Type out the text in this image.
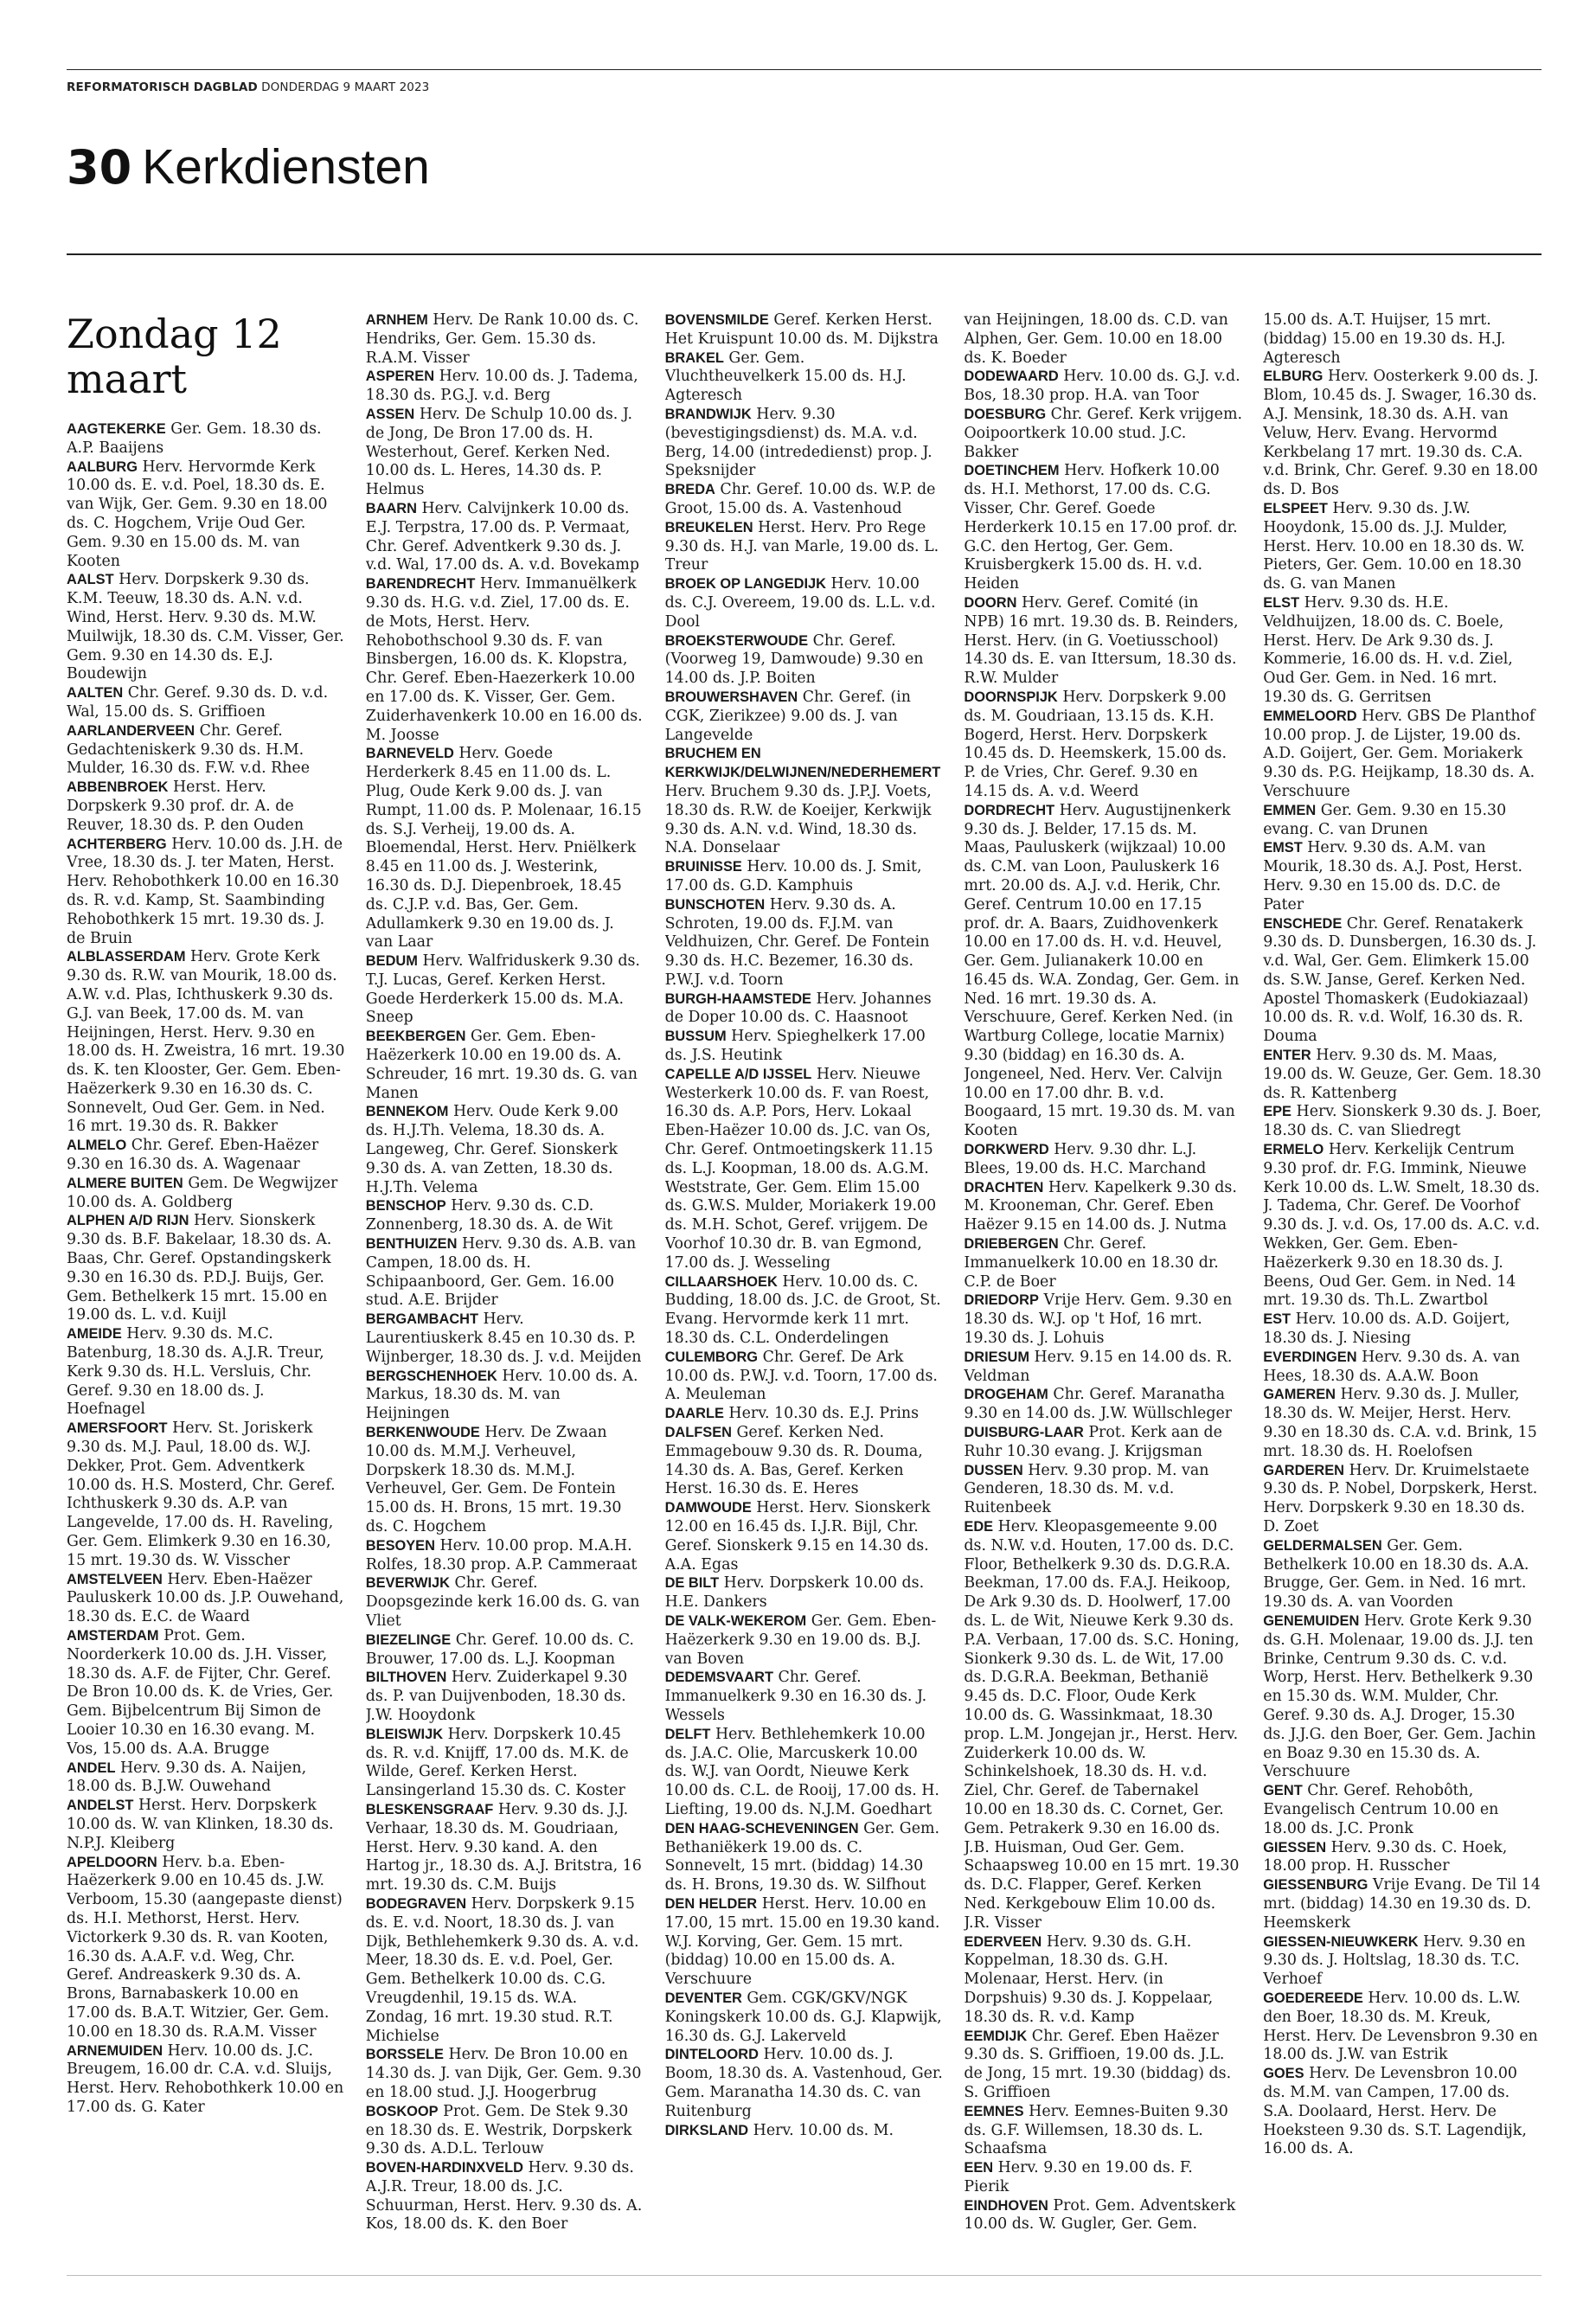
REFORMATORISCH DAGBLAD DONDERDAG 9 MAART 2023
30 Kerkdiensten
Zondag 12 maart

AAGTEKERKE Ger. Gem. 18.30 ds. A.P. Baaijens

AALBURG Herv. Hervormde Kerk 10.00 ds. E. v.d. Poel, 18.30 ds. E. van Wijk, Ger. Gem. 9.30 en 18.00 ds. C. Hogchem, Vrije Oud Ger. Gem. 9.30 en 15.00 ds. M. van Kooten

AALST Herv. Dorpskerk 9.30 ds. K.M. Teeuw, 18.30 ds. A.N. v.d. Wind, Herst. Herv. 9.30 ds. M.W. Muilwijk, 18.30 ds. C.M. Visser, Ger. Gem. 9.30 en 14.30 ds. E.J. Boudewijn

AALTEN Chr. Geref. 9.30 ds. D. v.d. Wal, 15.00 ds. S. Griffioen

AARLANDERVEEN Chr. Geref. Gedachteniskerk 9.30 ds. H.M. Mulder, 16.30 ds. F.W. v.d. Rhee

ABBENBROEK Herst. Herv. Dorpskerk 9.30 prof. dr. A. de Reuver, 18.30 ds. P. den Ouden

ACHTERBERG Herv. 10.00 ds. J.H. de Vree, 18.30 ds. J. ter Maten, Herst. Herv. Rehobothkerk 10.00 en 16.30 ds. R. v.d. Kamp, St. Saambinding Rehobothkerk 15 mrt. 19.30 ds. J. de Bruin

ALBLASSERDAM Herv. Grote Kerk 9.30 ds. R.W. van Mourik, 18.00 ds. A.W. v.d. Plas, Ichthuskerk 9.30 ds. G.J. van Beek, 17.00 ds. M. van Heijningen, Herst. Herv. 9.30 en 18.00 ds. H. Zweistra, 16 mrt. 19.30 ds. K. ten Klooster, Ger. Gem. Eben-Haëzerkerk 9.30 en 16.30 ds. C. Sonnevelt, Oud Ger. Gem. in Ned. 16 mrt. 19.30 ds. R. Bakker

ALMELO Chr. Geref. Eben-Haëzer 9.30 en 16.30 ds. A. Wagenaar

ALMERE BUITEN Gem. De Wegwijzer 10.00 ds. A. Goldberg

ALPHEN A/D RIJN Herv. Sionskerk 9.30 ds. B.F. Bakelaar, 18.30 ds. A. Baas, Chr. Geref. Opstandingskerk 9.30 en 16.30 ds. P.D.J. Buijs, Ger. Gem. Bethelkerk 15 mrt. 15.00 en 19.00 ds. L. v.d. Kuijl

AMEIDE Herv. 9.30 ds. M.C. Batenburg, 18.30 ds. A.J.R. Treur, Kerk 9.30 ds. H.L. Versluis, Chr. Geref. 9.30 en 18.00 ds. J. Hoefnagel

AMERSFOORT Herv. St. Joriskerk 9.30 ds. M.J. Paul, 18.00 ds. W.J. Dekker, Prot. Gem. Adventkerk 10.00 ds. H.S. Mosterd, Chr. Geref. Ichthuskerk 9.30 ds. A.P. van Langevelde, 17.00 ds. H. Raveling, Ger. Gem. Elimkerk 9.30 en 16.30, 15 mrt. 19.30 ds. W. Visscher

AMSTELVEEN Herv. Eben-Haëzer Pauluskerk 10.00 ds. J.P. Ouwehand, 18.30 ds. E.C. de Waard

AMSTERDAM Prot. Gem. Noorderkerk 10.00 ds. J.H. Visser, 18.30 ds. A.F. de Fijter, Chr. Geref. De Bron 10.00 ds. K. de Vries, Ger. Gem. Bijbelcentrum Bij Simon de Looier 10.30 en 16.30 evang. M. Vos, 15.00 ds. A.A. Brugge

ANDEL Herv. 9.30 ds. A. Naijen, 18.00 ds. B.J.W. Ouwehand

ANDELST Herst. Herv. Dorpskerk 10.00 ds. W. van Klinken, 18.30 ds. N.P.J. Kleiberg

APELDOORN Herv. b.a. Eben-Haëzerkerk 9.00 en 10.45 ds. J.W. Verboom, 15.30 (aangepaste dienst) ds. H.I. Methorst, Herst. Herv. Victorkerk 9.30 ds. R. van Kooten, 16.30 ds. A.A.F. v.d. Weg, Chr. Geref. Andreaskerk 9.30 ds. A. Brons, Barnabaskerk 10.00 en 17.00 ds. B.A.T. Witzier, Ger. Gem. 10.00 en 18.30 ds. R.A.M. Visser

ARNEMUIDEN Herv. 10.00 ds. J.C. Breugem, 16.00 dr. C.A. v.d. Sluijs, Herst. Herv. Rehobothkerk 10.00 en 17.00 ds. G. Kater

ARNHEM Herv. De Rank 10.00 ds. C. Hendriks, Ger. Gem. 15.30 ds. R.A.M. Visser

ASPEREN Herv. 10.00 ds. J. Tadema, 18.30 ds. P.G.J. v.d. Berg

ASSEN Herv. De Schulp 10.00 ds. J. de Jong, De Bron 17.00 ds. H. Westerhout, Geref. Kerken Ned. 10.00 ds. L. Heres, 14.30 ds. P. Helmus

BAARN Herv. Calvijnkerk 10.00 ds. E.J. Terpstra, 17.00 ds. P. Vermaat, Chr. Geref. Adventkerk 9.30 ds. J. v.d. Wal, 17.00 ds. A. v.d. Bovekamp

BARENDRECHT Herv. Immanuëlkerk 9.30 ds. H.G. v.d. Ziel, 17.00 ds. E. de Mots, Herst. Herv. Rehobothschool 9.30 ds. F. van Binsbergen, 16.00 ds. K. Klopstra, Chr. Geref. Eben-Haezerkerk 10.00 en 17.00 ds. K. Visser, Ger. Gem. Zuiderhavenkerk 10.00 en 16.00 ds. M. Joosse

BARNEVELD Herv. Goede Herderkerk 8.45 en 11.00 ds. L. Plug, Oude Kerk 9.00 ds. J. van Rumpt, 11.00 ds. P. Molenaar, 16.15 ds. S.J. Verheij, 19.00 ds. A. Bloemendal, Herst. Herv. Pniëlkerk 8.45 en 11.00 ds. J. Westerink, 16.30 ds. D.J. Diepenbroek, 18.45 ds. C.J.P. v.d. Bas, Ger. Gem. Adullamkerk 9.30 en 19.00 ds. J. van Laar

BEDUM Herv. Walfriduskerk 9.30 ds. T.J. Lucas, Geref. Kerken Herst. Goede Herderkerk 15.00 ds. M.A. Sneep

BEEKBERGEN Ger. Gem. Eben-Haëzerkerk 10.00 en 19.00 ds. A. Schreuder, 16 mrt. 19.30 ds. G. van Manen

BENNEKOM Herv. Oude Kerk 9.00 ds. H.J.Th. Velema, 18.30 ds. A. Langeweg, Chr. Geref. Sionskerk 9.30 ds. A. van Zetten, 18.30 ds. H.J.Th. Velema

BENSCHOP Herv. 9.30 ds. C.D. Zonnenberg, 18.30 ds. A. de Wit

BENTHUIZEN Herv. 9.30 ds. A.B. van Campen, 18.00 ds. H. Schipaanboord, Ger. Gem. 16.00 stud. A.E. Brijder

BERGAMBACHT Herv. Laurentiuskerk 8.45 en 10.30 ds. P. Wijnberger, 18.30 ds. J. v.d. Meijden

BERGSCHENHOEK Herv. 10.00 ds. A. Markus, 18.30 ds. M. van Heijningen

BERKENWOUDE Herv. De Zwaan 10.00 ds. M.M.J. Verheuvel, Dorpskerk 18.30 ds. M.M.J. Verheuvel, Ger. Gem. De Fontein 15.00 ds. H. Brons, 15 mrt. 19.30 ds. C. Hogchem

BESOYEN Herv. 10.00 prop. M.A.H. Rolfes, 18.30 prop. A.P. Cammeraat

BEVERWIJK Chr. Geref. Doopsgezinde kerk 16.00 ds. G. van Vliet

BIEZELINGE Chr. Geref. 10.00 ds. C. Brouwer, 17.00 ds. L.J. Koopman

BILTHOVEN Herv. Zuiderkapel 9.30 ds. P. van Duijvenboden, 18.30 ds. J.W. Hooydonk

BLEISWIJK Herv. Dorpskerk 10.45 ds. R. v.d. Knijff, 17.00 ds. M.K. de Wilde, Geref. Kerken Herst. Lansingerland 15.30 ds. C. Koster

BLESKENSGRAAF Herv. 9.30 ds. J.J. Verhaar, 18.30 ds. M. Goudriaan, Herst. Herv. 9.30 kand. A. den Hartog jr., 18.30 ds. A.J. Britstra, 16 mrt. 19.30 ds. C.M. Buijs

BODEGRAVEN Herv. Dorpskerk 9.15 ds. E. v.d. Noort, 18.30 ds. J. van Dijk, Bethlehemkerk 9.30 ds. A. v.d. Meer, 18.30 ds. E. v.d. Poel, Ger. Gem. Bethelkerk 10.00 ds. C.G. Vreugdenhil, 19.15 ds. W.A. Zondag, 16 mrt. 19.30 stud. R.T. Michielse

BORSSELE Herv. De Bron 10.00 en 14.30 ds. J. van Dijk, Ger. Gem. 9.30 en 18.00 stud. J.J. Hoogerbrug

BOSKOOP Prot. Gem. De Stek 9.30 en 18.30 ds. E. Westrik, Dorpskerk 9.30 ds. A.D.L. Terlouw

BOVEN-HARDINXVELD Herv. 9.30 ds. A.J.R. Treur, 18.00 ds. J.C. Schuurman, Herst. Herv. 9.30 ds. A. Kos, 18.00 ds. K. den Boer

BOVENSMILDE Geref. Kerken Herst. Het Kruispunt 10.00 ds. M. Dijkstra

BRAKEL Ger. Gem. Vluchtheuvelkerk 15.00 ds. H.J. Agteresch

BRANDWIJK Herv. 9.30 (bevestigingsdienst) ds. M.A. v.d. Berg, 14.00 (intrededienst) prop. J. Speksnijder

BREDA Chr. Geref. 10.00 ds. W.P. de Groot, 15.00 ds. A. Vastenhoud

BREUKELEN Herst. Herv. Pro Rege 9.30 ds. H.J. van Marle, 19.00 ds. L. Treur

BROEK OP LANGEDIJK Herv. 10.00 ds. C.J. Overeem, 19.00 ds. L.L. v.d. Dool

BROEKSTERWOUDE Chr. Geref. (Voorweg 19, Damwoude) 9.30 en 14.00 ds. J.P. Boiten

BROUWERSHAVEN Chr. Geref. (in CGK, Zierikzee) 9.00 ds. J. van Langevelde

BRUCHEM EN KERKWIJK/DELWIJNEN/NEDERHEMERT Herv. Bruchem 9.30 ds. J.P.J. Voets, 18.30 ds. R.W. de Koeijer, Kerkwijk 9.30 ds. A.N. v.d. Wind, 18.30 ds. N.A. Donselaar

BRUINISSE Herv. 10.00 ds. J. Smit, 17.00 ds. G.D. Kamphuis

BUNSCHOTEN Herv. 9.30 ds. A. Schroten, 19.00 ds. F.J.M. van Veldhuizen, Chr. Geref. De Fontein 9.30 ds. H.C. Bezemer, 16.30 ds. P.W.J. v.d. Toorn

BURGH-HAAMSTEDE Herv. Johannes de Doper 10.00 ds. C. Haasnoot

BUSSUM Herv. Spieghelkerk 17.00 ds. J.S. Heutink

CAPELLE A/D IJSSEL Herv. Nieuwe Westerkerk 10.00 ds. F. van Roest, 16.30 ds. A.P. Pors, Herv. Lokaal Eben-Haëzer 10.00 ds. J.C. van Os, Chr. Geref. Ontmoetingskerk 11.15 ds. L.J. Koopman, 18.00 ds. A.G.M. Weststrate, Ger. Gem. Elim 15.00 ds. G.W.S. Mulder, Moriakerk 19.00 ds. M.H. Schot, Geref. vrijgem. De Voorhof 10.30 dr. B. van Egmond, 17.00 ds. J. Wesseling

CILLAARSHOEK Herv. 10.00 ds. C. Budding, 18.00 ds. J.C. de Groot, St. Evang. Hervormde kerk 11 mrt. 18.30 ds. C.L. Onderdelingen

CULEMBORG Chr. Geref. De Ark 10.00 ds. P.W.J. v.d. Toorn, 17.00 ds. A. Meuleman

DAARLE Herv. 10.30 ds. E.J. Prins

DALFSEN Geref. Kerken Ned. Emmagebouw 9.30 ds. R. Douma, 14.30 ds. A. Bas, Geref. Kerken Herst. 16.30 ds. E. Heres

DAMWOUDE Herst. Herv. Sionskerk 12.00 en 16.45 ds. I.J.R. Bijl, Chr. Geref. Sionskerk 9.15 en 14.30 ds. A.A. Egas

DE BILT Herv. Dorpskerk 10.00 ds. H.E. Dankers

DE VALK-WEKEROM Ger. Gem. Eben-Haëzerkerk 9.30 en 19.00 ds. B.J. van Boven

DEDEMSVAART Chr. Geref. Immanuelkerk 9.30 en 16.30 ds. J. Wessels

DELFT Herv. Bethlehemkerk 10.00 ds. J.A.C. Olie, Marcuskerk 10.00 ds. W.J. van Oordt, Nieuwe Kerk 10.00 ds. C.L. de Rooij, 17.00 ds. H. Liefting, 19.00 ds. N.J.M. Goedhart

DEN HAAG-SCHEVENINGEN Ger. Gem. Bethaniëkerk 19.00 ds. C. Sonnevelt, 15 mrt. (biddag) 14.30 ds. H. Brons, 19.30 ds. W. Silfhout

DEN HELDER Herst. Herv. 10.00 en 17.00, 15 mrt. 15.00 en 19.30 kand. W.J. Korving, Ger. Gem. 15 mrt. (biddag) 10.00 en 15.00 ds. A. Verschuure

DEVENTER Gem. CGK/GKV/NGK Koningskerk 10.00 ds. G.J. Klapwijk, 16.30 ds. G.J. Lakerveld

DINTELOORD Herv. 10.00 ds. J. Boom, 18.30 ds. A. Vastenhoud, Ger. Gem. Maranatha 14.30 ds. C. van Ruitenburg

DIRKSLAND Herv. 10.00 ds. M.

van Heijningen, 18.00 ds. C.D. van Alphen, Ger. Gem. 10.00 en 18.00 ds. K. Boeder

DODEWAARD Herv. 10.00 ds. G.J. v.d. Bos, 18.30 prop. H.A. van Toor

DOESBURG Chr. Geref. Kerk vrijgem. Ooipoortkerk 10.00 stud. J.C. Bakker

DOETINCHEM Herv. Hofkerk 10.00 ds. H.I. Methorst, 17.00 ds. C.G. Visser, Chr. Geref. Goede Herderkerk 10.15 en 17.00 prof. dr. G.C. den Hertog, Ger. Gem. Kruisbergkerk 15.00 ds. H. v.d. Heiden

DOORN Herv. Geref. Comité (in NPB) 16 mrt. 19.30 ds. B. Reinders, Herst. Herv. (in G. Voetiusschool) 14.30 ds. E. van Ittersum, 18.30 ds. R.W. Mulder

DOORNSPIJK Herv. Dorpskerk 9.00 ds. M. Goudriaan, 13.15 ds. K.H. Bogerd, Herst. Herv. Dorpskerk 10.45 ds. D. Heemskerk, 15.00 ds. P. de Vries, Chr. Geref. 9.30 en 14.15 ds. A. v.d. Weerd

DORDRECHT Herv. Augustijnenkerk 9.30 ds. J. Belder, 17.15 ds. M. Maas, Pauluskerk (wijkzaal) 10.00 ds. C.M. van Loon, Pauluskerk 16 mrt. 20.00 ds. A.J. v.d. Herik, Chr. Geref. Centrum 10.00 en 17.15 prof. dr. A. Baars, Zuidhovenkerk 10.00 en 17.00 ds. H. v.d. Heuvel, Ger. Gem. Julianakerk 10.00 en 16.45 ds. W.A. Zondag, Ger. Gem. in Ned. 16 mrt. 19.30 ds. A. Verschuure, Geref. Kerken Ned. (in Wartburg College, locatie Marnix) 9.30 (biddag) en 16.30 ds. A. Jongeneel, Ned. Herv. Ver. Calvijn 10.00 en 17.00 dhr. B. v.d. Boogaard, 15 mrt. 19.30 ds. M. van Kooten

DORKWERD Herv. 9.30 dhr. L.J. Blees, 19.00 ds. H.C. Marchand

DRACHTEN Herv. Kapelkerk 9.30 ds. M. Krooneman, Chr. Geref. Eben Haëzer 9.15 en 14.00 ds. J. Nutma

DRIEBERGEN Chr. Geref. Immanuelkerk 10.00 en 18.30 dr. C.P. de Boer

DRIEDORP Vrije Herv. Gem. 9.30 en 18.30 ds. W.J. op 't Hof, 16 mrt. 19.30 ds. J. Lohuis

DRIESUM Herv. 9.15 en 14.00 ds. R. Veldman

DROGEHAM Chr. Geref. Maranatha 9.30 en 14.00 ds. J.W. Wüllschleger

DUISBURG-LAAR Prot. Kerk aan de Ruhr 10.30 evang. J. Krijgsman

DUSSEN Herv. 9.30 prop. M. van Genderen, 18.30 ds. M. v.d. Ruitenbeek

EDE Herv. Kleopasgemeente 9.00 ds. N.W. v.d. Houten, 17.00 ds. D.C. Floor, Bethelkerk 9.30 ds. D.G.R.A. Beekman, 17.00 ds. F.A.J. Heikoop, De Ark 9.30 ds. D. Hoolwerf, 17.00 ds. L. de Wit, Nieuwe Kerk 9.30 ds. P.A. Verbaan, 17.00 ds. S.C. Honing, Sionkerk 9.30 ds. L. de Wit, 17.00 ds. D.G.R.A. Beekman, Bethanië 9.45 ds. D.C. Floor, Oude Kerk 10.00 ds. G. Wassinkmaat, 18.30 prop. L.M. Jongejan jr., Herst. Herv. Zuiderkerk 10.00 ds. W. Schinkelshoek, 18.30 ds. H. v.d. Ziel, Chr. Geref. de Tabernakel 10.00 en 18.30 ds. C. Cornet, Ger. Gem. Petrakerk 9.30 en 16.00 ds. J.B. Huisman, Oud Ger. Gem. Schaapsweg 10.00 en 15 mrt. 19.30 ds. D.C. Flapper, Geref. Kerken Ned. Kerkgebouw Elim 10.00 ds. J.R. Visser

EDERVEEN Herv. 9.30 ds. G.H. Koppelman, 18.30 ds. G.H. Molenaar, Herst. Herv. (in Dorpshuis) 9.30 ds. J. Koppelaar, 18.30 ds. R. v.d. Kamp

EEMDIJK Chr. Geref. Eben Haëzer 9.30 ds. S. Griffioen, 19.00 ds. J.L. de Jong, 15 mrt. 19.30 (biddag) ds. S. Griffioen

EEMNES Herv. Eemnes-Buiten 9.30 ds. G.F. Willemsen, 18.30 ds. L. Schaafsma

EEN Herv. 9.30 en 19.00 ds. F. Pierik

EINDHOVEN Prot. Gem. Adventskerk 10.00 ds. W. Gugler, Ger. Gem.

15.00 ds. A.T. Huijser, 15 mrt. (biddag) 15.00 en 19.30 ds. H.J. Agteresch

ELBURG Herv. Oosterkerk 9.00 ds. J. Blom, 10.45 ds. J. Swager, 16.30 ds. A.J. Mensink, 18.30 ds. A.H. van Veluw, Herv. Evang. Hervormd Kerkbelang 17 mrt. 19.30 ds. C.A. v.d. Brink, Chr. Geref. 9.30 en 18.00 ds. D. Bos

ELSPEET Herv. 9.30 ds. J.W. Hooydonk, 15.00 ds. J.J. Mulder, Herst. Herv. 10.00 en 18.30 ds. W. Pieters, Ger. Gem. 10.00 en 18.30 ds. G. van Manen

ELST Herv. 9.30 ds. H.E. Veldhuijzen, 18.00 ds. C. Boele, Herst. Herv. De Ark 9.30 ds. J. Kommerie, 16.00 ds. H. v.d. Ziel, Oud Ger. Gem. in Ned. 16 mrt. 19.30 ds. G. Gerritsen

EMMELOORD Herv. GBS De Planthof 10.00 prop. J. de Lijster, 19.00 ds. A.D. Goijert, Ger. Gem. Moriakerk 9.30 ds. P.G. Heijkamp, 18.30 ds. A. Verschuure

EMMEN Ger. Gem. 9.30 en 15.30 evang. C. van Drunen

EMST Herv. 9.30 ds. A.M. van Mourik, 18.30 ds. A.J. Post, Herst. Herv. 9.30 en 15.00 ds. D.C. de Pater

ENSCHEDE Chr. Geref. Renatakerk 9.30 ds. D. Dunsbergen, 16.30 ds. J. v.d. Wal, Ger. Gem. Elimkerk 15.00 ds. S.W. Janse, Geref. Kerken Ned. Apostel Thomaskerk (Eudokiazaal) 10.00 ds. R. v.d. Wolf, 16.30 ds. R. Douma

ENTER Herv. 9.30 ds. M. Maas, 19.00 ds. W. Geuze, Ger. Gem. 18.30 ds. R. Kattenberg

EPE Herv. Sionskerk 9.30 ds. J. Boer, 18.30 ds. C. van Sliedregt

ERMELO Herv. Kerkelijk Centrum 9.30 prof. dr. F.G. Immink, Nieuwe Kerk 10.00 ds. L.W. Smelt, 18.30 ds. J. Tadema, Chr. Geref. De Voorhof 9.30 ds. J. v.d. Os, 17.00 ds. A.C. v.d. Wekken, Ger. Gem. Eben-Haëzerkerk 9.30 en 18.30 ds. J. Beens, Oud Ger. Gem. in Ned. 14 mrt. 19.30 ds. Th.L. Zwartbol

EST Herv. 10.00 ds. A.D. Goijert, 18.30 ds. J. Niesing

EVERDINGEN Herv. 9.30 ds. A. van Hees, 18.30 ds. A.A.W. Boon

GAMEREN Herv. 9.30 ds. J. Muller, 18.30 ds. W. Meijer, Herst. Herv. 9.30 en 18.30 ds. C.A. v.d. Brink, 15 mrt. 18.30 ds. H. Roelofsen

GARDEREN Herv. Dr. Kruimelstaete 9.30 ds. P. Nobel, Dorpskerk, Herst. Herv. Dorpskerk 9.30 en 18.30 ds. D. Zoet

GELDERMALSEN Ger. Gem. Bethelkerk 10.00 en 18.30 ds. A.A. Brugge, Ger. Gem. in Ned. 16 mrt. 19.30 ds. A. van Voorden

GENEMUIDEN Herv. Grote Kerk 9.30 ds. G.H. Molenaar, 19.00 ds. J.J. ten Brinke, Centrum 9.30 ds. C. v.d. Worp, Herst. Herv. Bethelkerk 9.30 en 15.30 ds. W.M. Mulder, Chr. Geref. 9.30 ds. A.J. Droger, 15.30 ds. J.J.G. den Boer, Ger. Gem. Jachin en Boaz 9.30 en 15.30 ds. A. Verschuure

GENT Chr. Geref. Rehobôth, Evangelisch Centrum 10.00 en 18.00 ds. J.C. Pronk

GIESSEN Herv. 9.30 ds. C. Hoek, 18.00 prop. H. Russcher

GIESSENBURG Vrije Evang. De Til 14 mrt. (biddag) 14.30 en 19.30 ds. D. Heemskerk

GIESSEN-NIEUWKERK Herv. 9.30 en 9.30 ds. J. Holtslag, 18.30 ds. T.C. Verhoef

GOEDEREEDE Herv. 10.00 ds. L.W. den Boer, 18.30 ds. M. Kreuk, Herst. Herv. De Levensbron 9.30 en 18.00 ds. J.W. van Estrik

GOES Herv. De Levensbron 10.00 ds. M.M. van Campen, 17.00 ds. S.A. Doolaard, Herst. Herv. De Hoeksteen 9.30 ds. S.T. Lagendijk, 16.00 ds. A.
